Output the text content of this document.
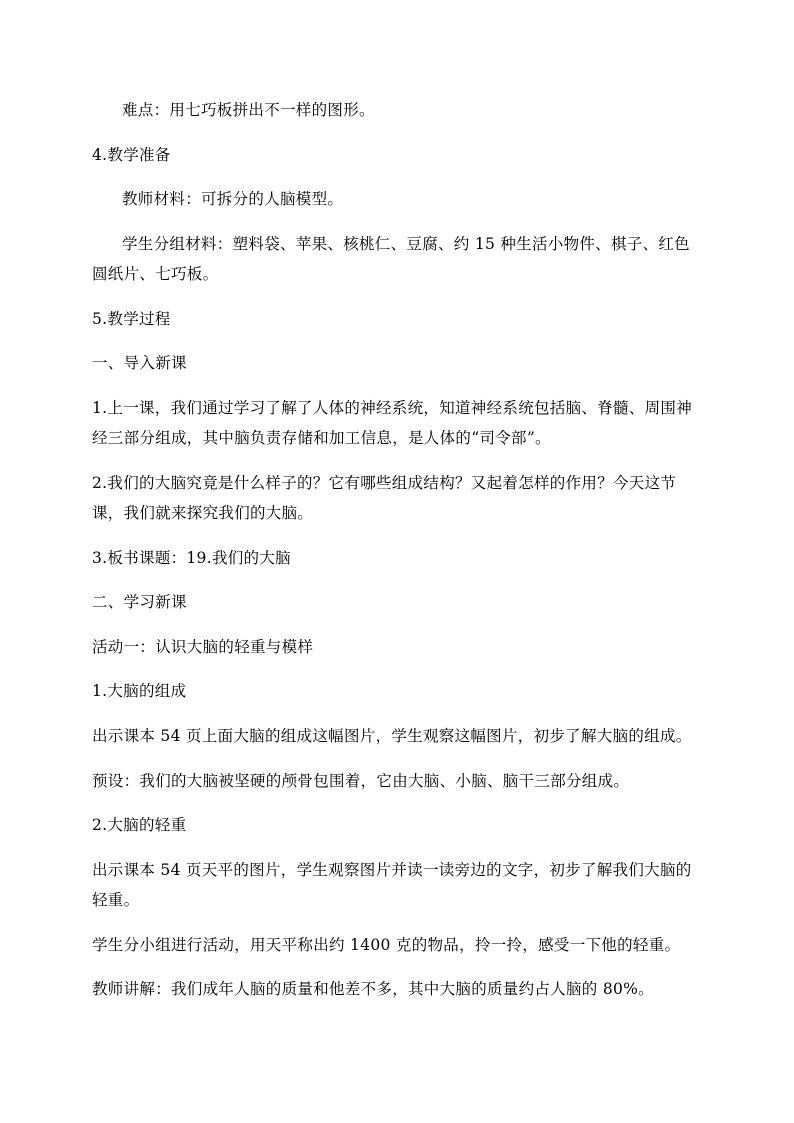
难点：用七巧板拼出不一样的图形。
4.教学准备
教师材料：可拆分的人脑模型。
学生分组材料：塑料袋、苹果、核桃仁、豆腐、约 15 种生活小物件、棋子、红色
圆纸片、七巧板。
5.教学过程
一、导入新课
1.上一课，我们通过学习了解了人体的神经系统，知道神经系统包括脑、脊髓、周围神
经三部分组成，其中脑负责存储和加工信息，是人体的“司令部”。
2.我们的大脑究竟是什么样子的？它有哪些组成结构？又起着怎样的作用？今天这节
课，我们就来探究我们的大脑。
3.板书课题：19.我们的大脑
二、学习新课
活动一：认识大脑的轻重与模样
1.大脑的组成
出示课本 54 页上面大脑的组成这幅图片，学生观察这幅图片，初步了解大脑的组成。
预设：我们的大脑被坚硬的颅骨包围着，它由大脑、小脑、脑干三部分组成。
2.大脑的轻重
出示课本 54 页天平的图片，学生观察图片并读一读旁边的文字，初步了解我们大脑的
轻重。
学生分小组进行活动，用天平称出约 1400 克的物品，拎一拎，感受一下他的轻重。
教师讲解：我们成年人脑的质量和他差不多，其中大脑的质量约占人脑的 80%。
